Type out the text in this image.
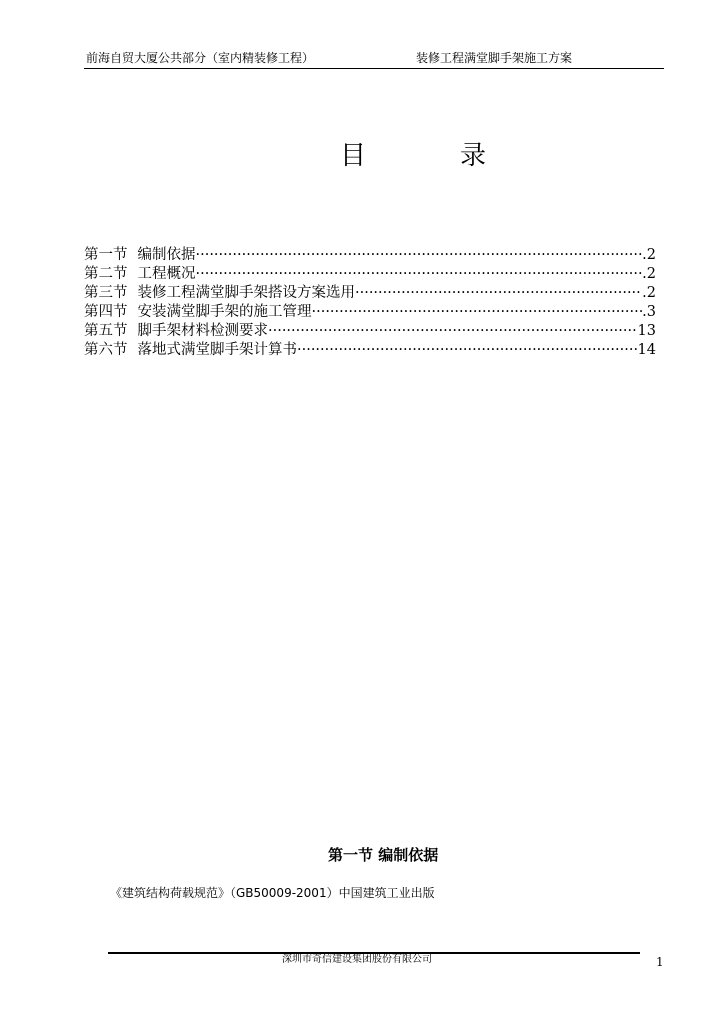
前海自贸大厦公共部分（室内精装修工程）	装修工程满堂脚手架施工方案
目	录
第一节 编制依据 ·····	.2
第二节 工程概况 ·····	.2
第三节 装修工程满堂脚手架搭设方案选用 ·····	.2
第四节 安装满堂脚手架的施工管理 ·····	.3
第五节 脚手架材料检测要求 ·····	13
第六节 落地式满堂脚手架计算书 ·····	14
第一节 编制依据
《建筑结构荷载规范》（GB50009-2001）中国建筑工业出版
深圳市奇信建设集团股份有限公司	1
